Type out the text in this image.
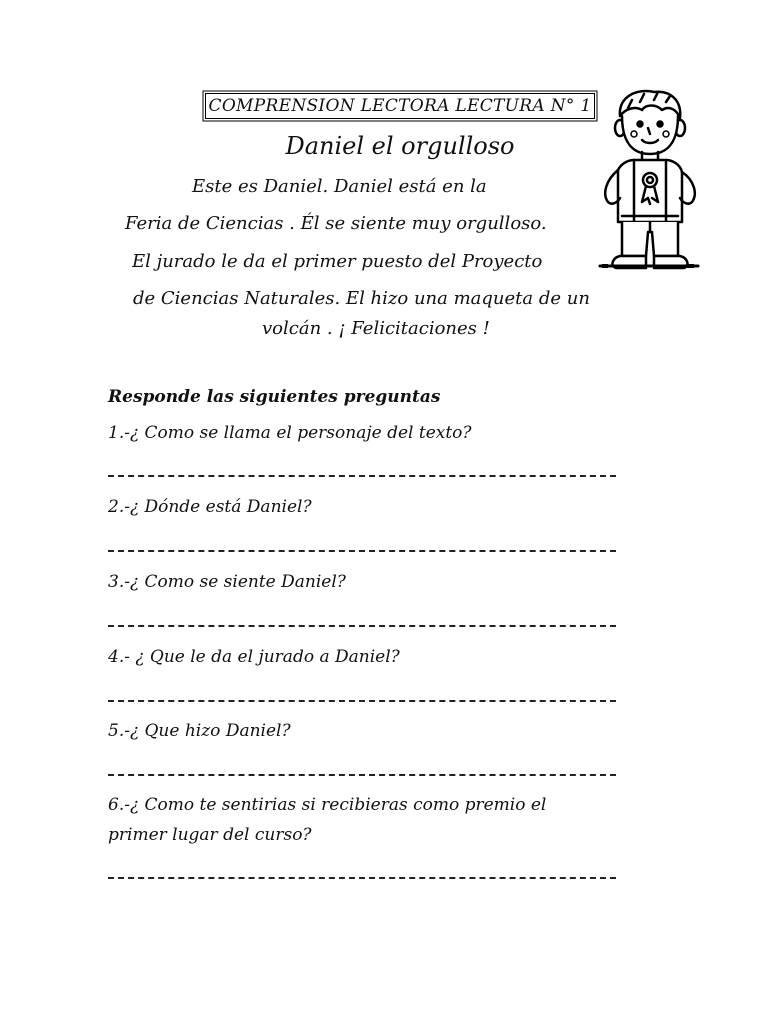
COMPRENSION LECTORA LECTURA N° 1
Daniel el orgulloso
Este es Daniel. Daniel está en la
Feria de Ciencias . Él se siente muy orgulloso.
El jurado le da el primer puesto del Proyecto
de Ciencias Naturales. El hizo una maqueta de un
volcán . ¡ Felicitaciones !
Responde las siguientes preguntas
1.-¿ Como se llama el personaje del texto?
2.-¿ Dónde está Daniel?
3.-¿ Como se siente Daniel?
4.- ¿ Que le da el jurado a Daniel?
5.-¿ Que hizo Daniel?
6.-¿ Como te sentirias si recibieras como premio el
primer lugar del curso?
